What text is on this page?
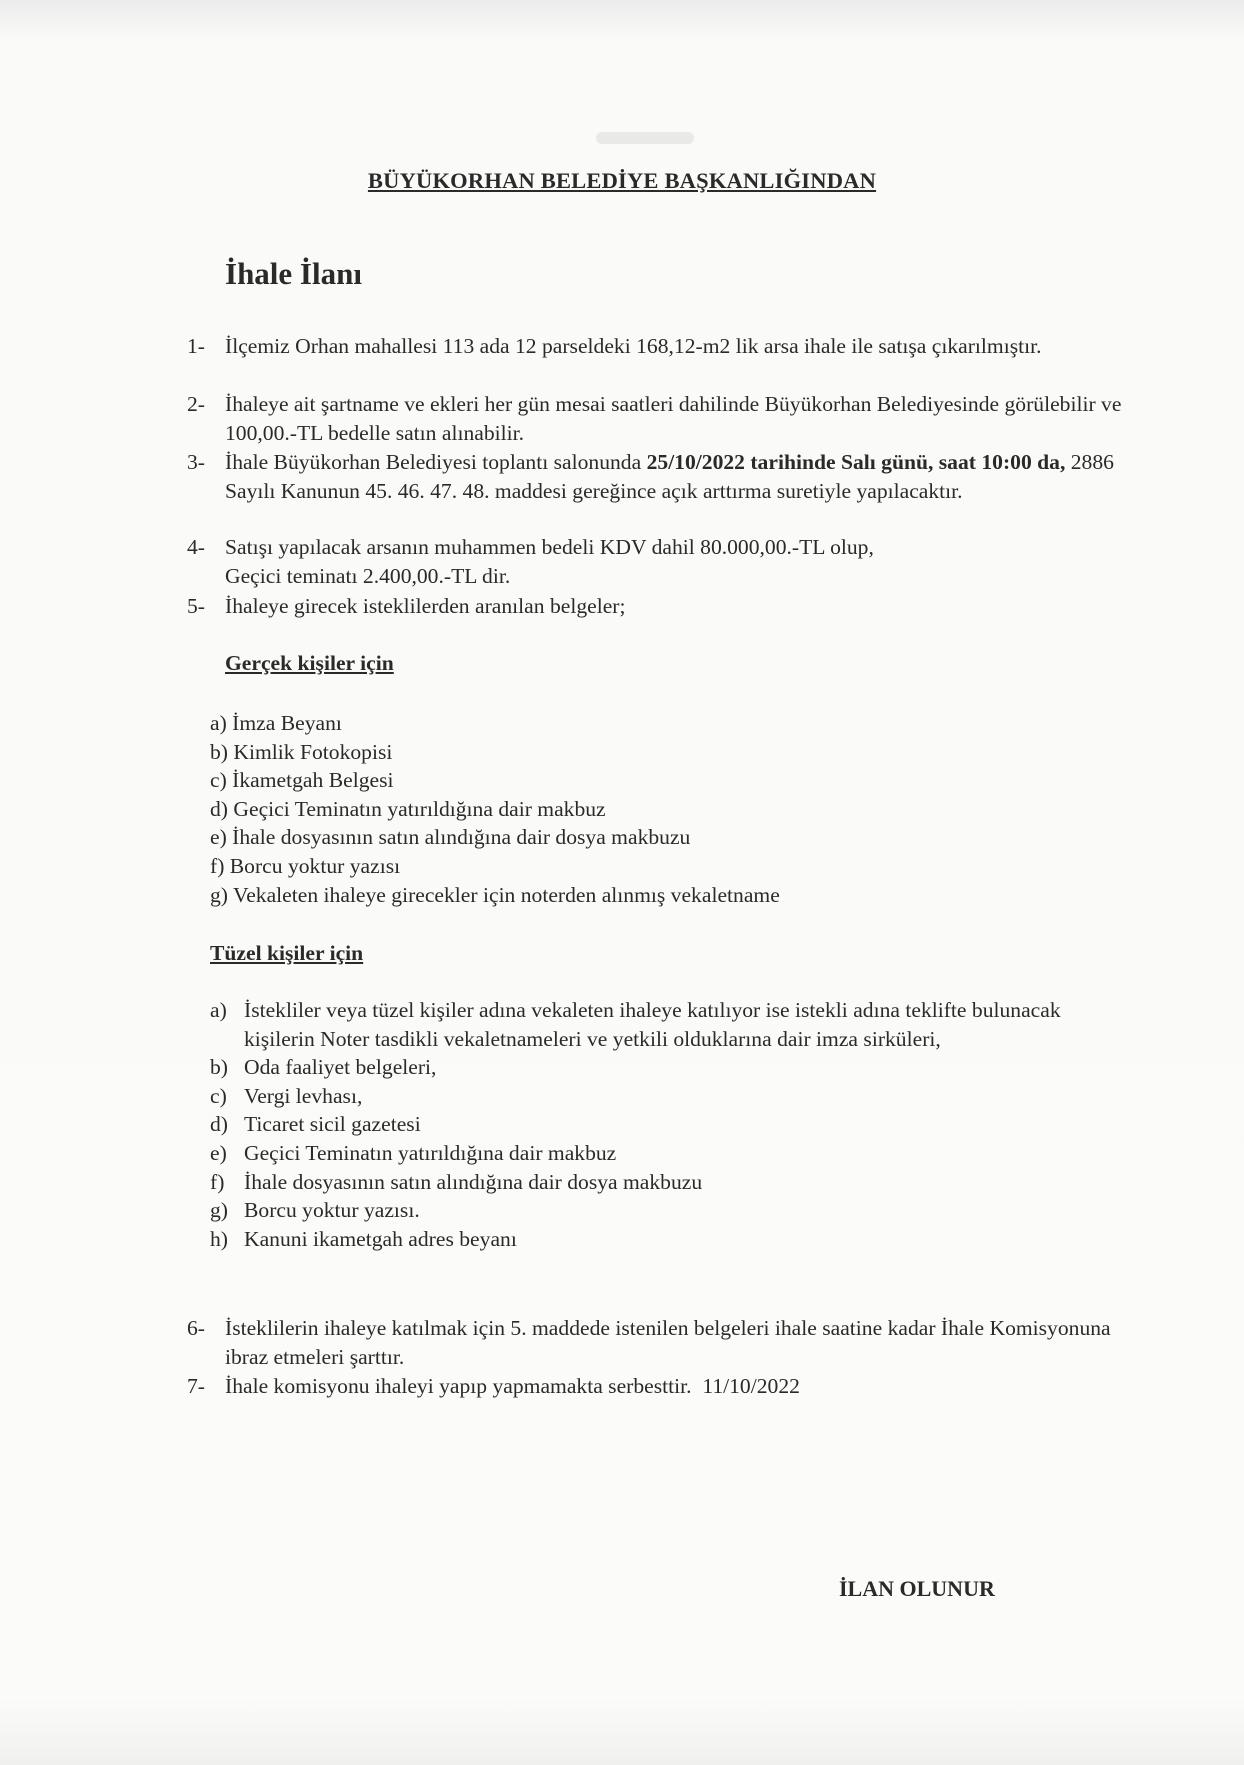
BÜYÜKORHAN BELEDİYE BAŞKANLIĞINDAN
İhale İlanı
1- İlçemiz Orhan mahallesi 113 ada 12 parseldeki 168,12-m2 lik arsa ihale ile satışa çıkarılmıştır.
2- İhaleye ait şartname ve ekleri her gün mesai saatleri dahilinde Büyükorhan Belediyesinde görülebilir ve 100,00.-TL bedelle satın alınabilir.
3- İhale Büyükorhan Belediyesi toplantı salonunda 25/10/2022 tarihinde Salı günü, saat 10:00 da, 2886 Sayılı Kanunun 45. 46. 47. 48. maddesi gereğince açık arttırma suretiyle yapılacaktır.
4- Satışı yapılacak arsanın muhammen bedeli KDV dahil 80.000,00.-TL olup, Geçici teminatı 2.400,00.-TL dir.
5- İhaleye girecek isteklilerden aranılan belgeler;
Gerçek kişiler için
a) İmza Beyanı
b) Kimlik Fotokopisi
c) İkametgah Belgesi
d) Geçici Teminatın yatırıldığına dair makbuz
e) İhale dosyasının satın alındığına dair dosya makbuzu
f) Borcu yoktur yazısı
g) Vekaleten ihaleye girecekler için noterden alınmış vekaletname
Tüzel kişiler için
a) İstekliler veya tüzel kişiler adına vekaleten ihaleye katılıyor ise istekli adına teklifte bulunacak kişilerin Noter tasdikli vekaletnameleri ve yetkili olduklarına dair imza sirküleri,
b) Oda faaliyet belgeleri,
c) Vergi levhası,
d) Ticaret sicil gazetesi
e) Geçici Teminatın yatırıldığına dair makbuz
f) İhale dosyasının satın alındığına dair dosya makbuzu
g) Borcu yoktur yazısı.
h) Kanuni ikametgah adres beyanı
6- İsteklilerin ihaleye katılmak için 5. maddede istenilen belgeleri ihale saatine kadar İhale Komisyonuna ibraz etmeleri şarttır.
7- İhale komisyonu ihaleyi yapıp yapmamakta serbesttir.  11/10/2022
İLAN OLUNUR
